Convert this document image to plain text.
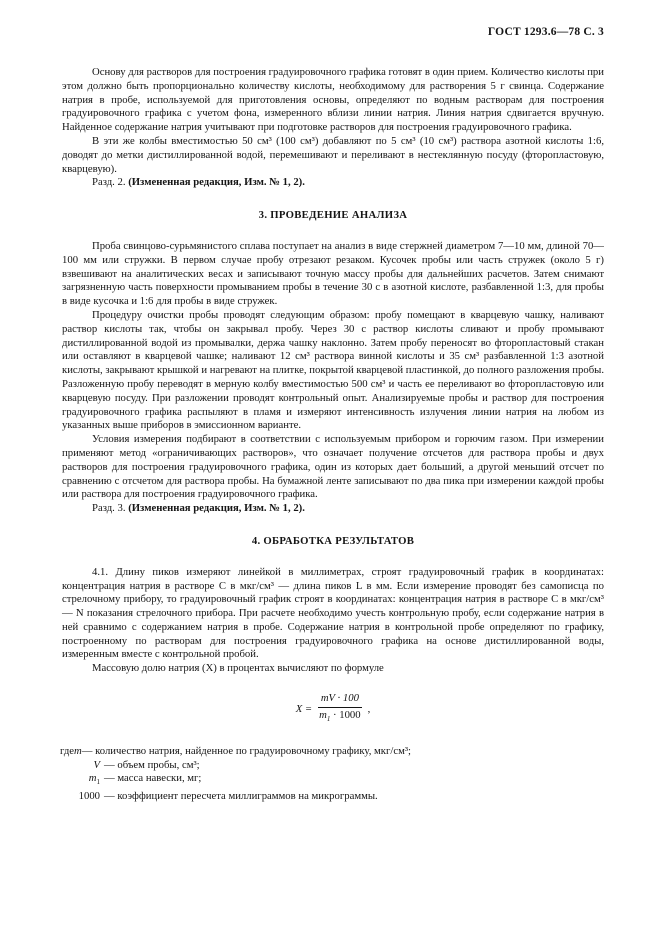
ГОСТ 1293.6—78 С. 3

Основу для растворов для построения градуировочного графика готовят в один прием. Количество кислоты при этом должно быть пропорционально количеству кислоты, необходимому для растворения 5 г свинца. Содержание натрия в пробе, используемой для приготовления основы, определяют по водным растворам для построения градуировочного графика с учетом фона, измеренного вблизи линии натрия. Линия натрия сдвигается вручную. Найденное содержание натрия учитывают при подготовке растворов для построения градуировочного графика.

В эти же колбы вместимостью 50 см³ (100 см³) добавляют по 5 см³ (10 см³) раствора азотной кислоты 1:6, доводят до метки дистиллированной водой, перемешивают и переливают в нестеклянную посуду (фторопластовую, кварцевую).

Разд. 2. (Измененная редакция, Изм. № 1, 2).

3. ПРОВЕДЕНИЕ АНАЛИЗА

Проба свинцово-сурьмянистого сплава поступает на анализ в виде стержней диаметром 7—10 мм, длиной 70—100 мм или стружки. В первом случае пробу отрезают резаком. Кусочек пробы или часть стружек (около 5 г) взвешивают на аналитических весах и записывают точную массу пробы для дальнейших расчетов. Затем снимают загрязненную часть поверхности промыванием пробы в течение 30 с в азотной кислоте, разбавленной 1:3, для пробы в виде кусочка и 1:6 для пробы в виде стружек.

Процедуру очистки пробы проводят следующим образом: пробу помещают в кварцевую чашку, наливают раствор кислоты так, чтобы он закрывал пробу. Через 30 с раствор кислоты сливают и пробу промывают дистиллированной водой из промывалки, держа чашку наклонно. Затем пробу переносят во фторопластовый стакан или оставляют в кварцевой чашке; наливают 12 см³ раствора винной кислоты и 35 см³ разбавленной 1:3 азотной кислоты, закрывают крышкой и нагревают на плитке, покрытой кварцевой пластинкой, до полного разложения пробы. Разложенную пробу переводят в мерную колбу вместимостью 500 см³ и часть ее переливают во фторопластовую или кварцевую посуду. При разложении проводят контрольный опыт. Анализируемые пробы и раствор для построения градуировочного графика распыляют в пламя и измеряют интенсивность излучения линии натрия на любом из указанных выше приборов в эмиссионном варианте.

Условия измерения подбирают в соответствии с используемым прибором и горючим газом. При измерении применяют метод «ограничивающих растворов», что означает получение отсчетов для раствора пробы и двух растворов для построения градуировочного графика, один из которых дает больший, а другой меньший отсчет по сравнению с отсчетом для раствора пробы. На бумажной ленте записывают по два пика при измерении каждой пробы или раствора для построения градуировочного графика.

Разд. 3. (Измененная редакция, Изм. № 1, 2).

4. ОБРАБОТКА РЕЗУЛЬТАТОВ

4.1. Длину пиков измеряют линейкой в миллиметрах, строят градуировочный график в координатах: концентрация натрия в растворе C в мкг/см³ — длина пиков L в мм. Если измерение проводят без самописца по стрелочному прибору, то градуировочный график строят в координатах: концентрация натрия в растворе C в мкг/см³ — N показания стрелочного прибора. При расчете необходимо учесть контрольную пробу, если содержание натрия в ней сравнимо с содержанием натрия в пробе. Содержание натрия в контрольной пробе определяют по графику, построенному по растворам для построения градуировочного графика на основе дистиллированной воды, измеренным вместе с контрольной пробой.

Массовую долю натрия (X) в процентах вычисляют по формуле

$X = \frac{mV \cdot 100}{m_1 \cdot 1000}$ ,
где m — количество натрия, найденное по градуировочному графику, мкг/см³;
V — объем пробы, см³;
$m_1$ — масса навески, мг;
1000 — коэффициент пересчета миллиграммов на микрограммы.
